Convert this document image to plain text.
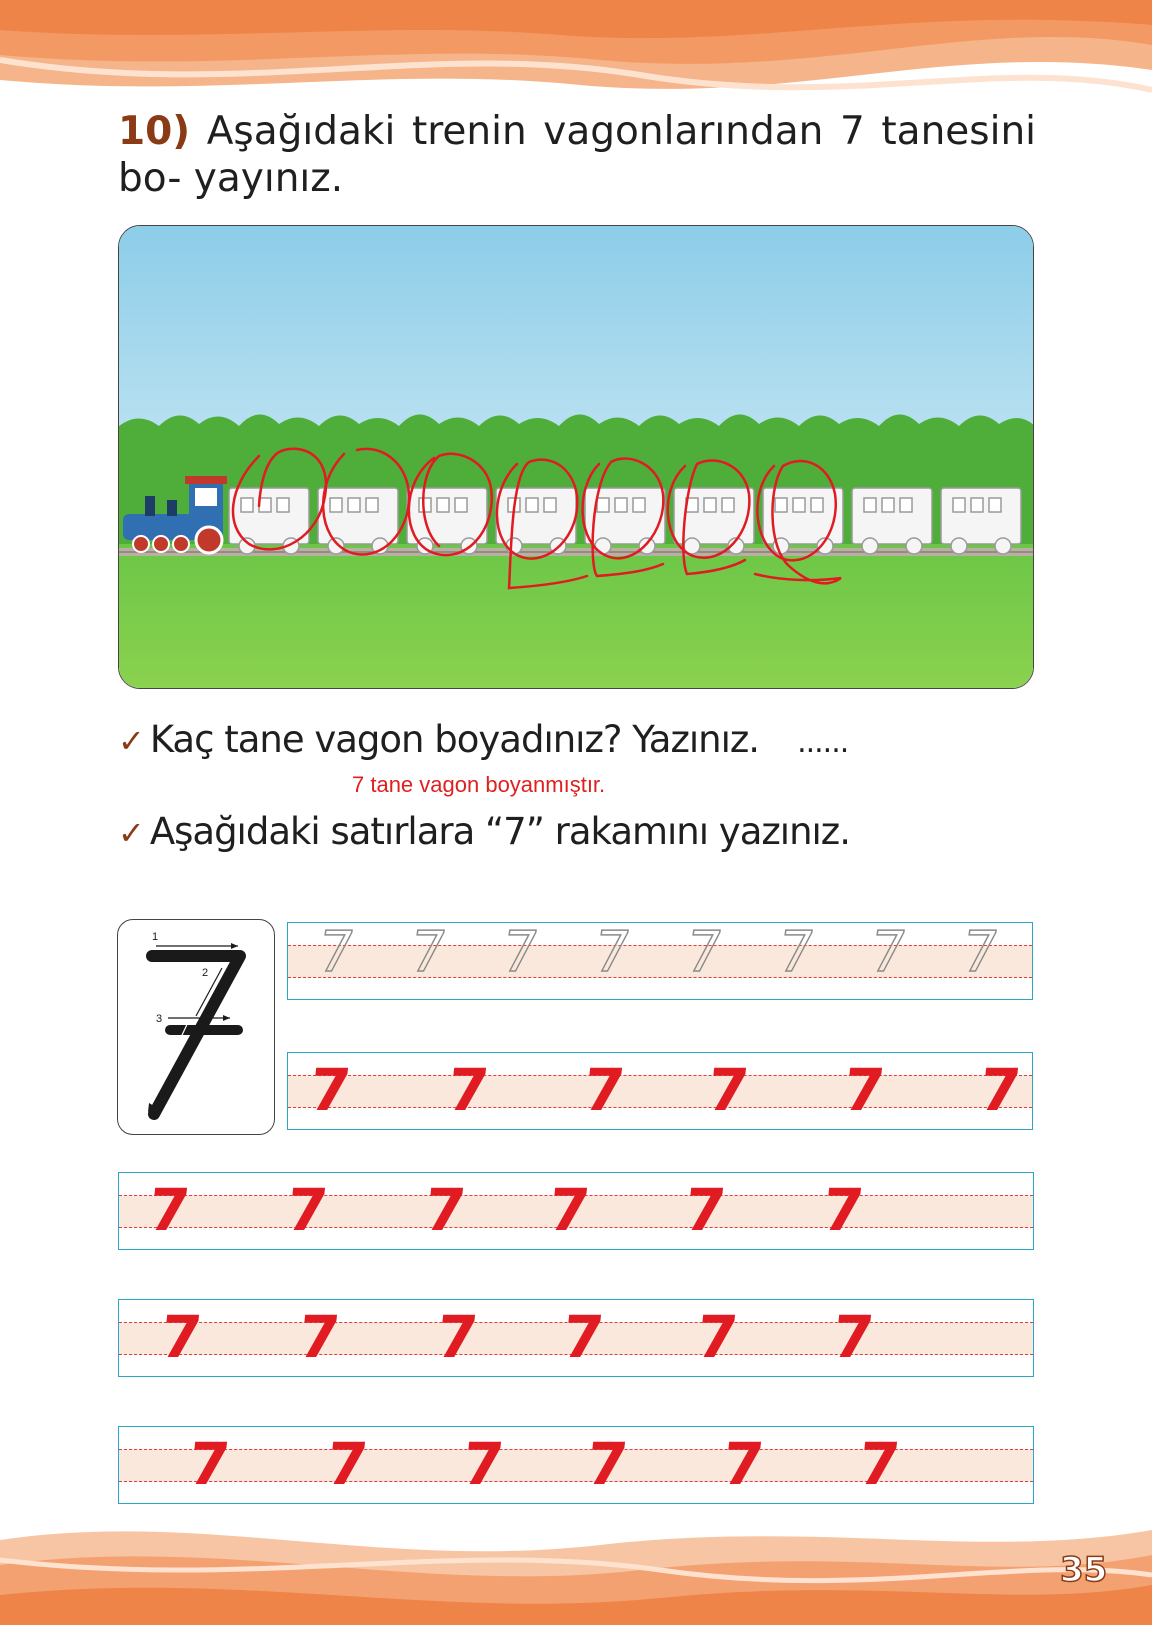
10) Aşağıdaki trenin vagonlarından 7 tanesini bo- yayınız.
✓ Kaç tane vagon boyadınız? Yazınız. ......
7 tane vagon boyanmıştır.
✓ Aşağıdaki satırlara “7” rakamını yazınız.
1
2
3
7 7 7 7 7 7 7 7
7 7 7 7 7 7
7 7 7 7 7 7
7 7 7 7 7 7
7 7 7 7 7 7
35
